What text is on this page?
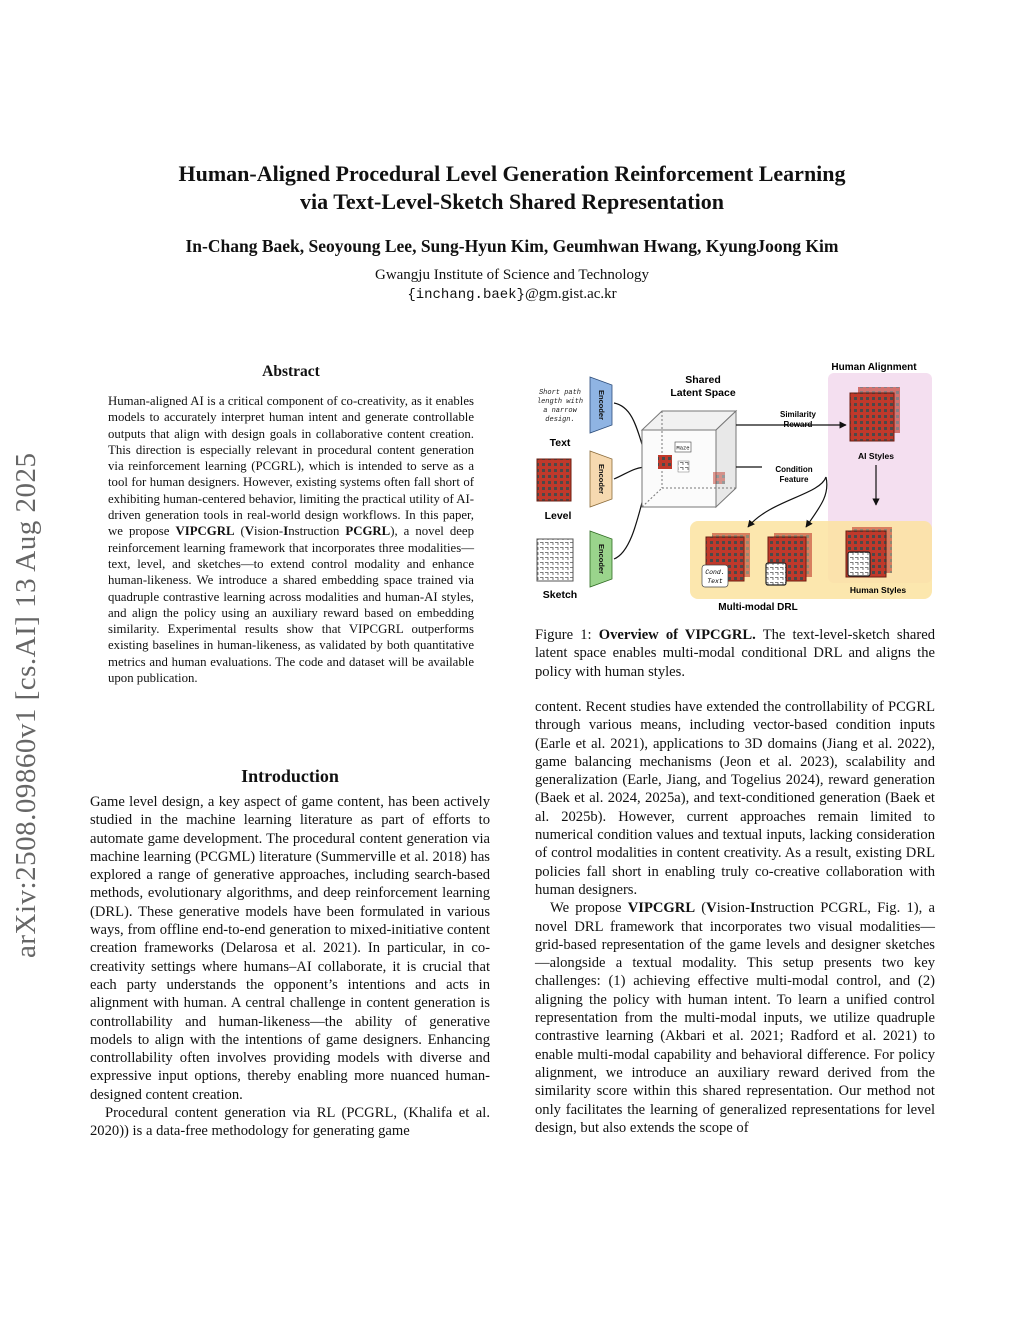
Human-Aligned Procedural Level Generation Reinforcement Learning
via Text-Level-Sketch Shared Representation
In-Chang Baek, Seoyoung Lee, Sung-Hyun Kim, Geumhwan Hwang, KyungJoong Kim
Gwangju Institute of Science and Technology
{inchang.baek}@gm.gist.ac.kr
arXiv:2508.09860v1 [cs.AI] 13 Aug 2025
Abstract
Human-aligned AI is a critical component of co-creativity, as it enables models to accurately interpret human intent and generate controllable outputs that align with design goals in collaborative content creation. This direction is especially relevant in procedural content generation via reinforcement learning (PCGRL), which is intended to serve as a tool for human designers. However, existing systems often fall short of exhibiting human-centered behavior, limiting the practical utility of AI-driven generation tools in real-world design workflows. In this paper, we propose VIPCGRL (Vision-Instruction PCGRL), a novel deep reinforcement learning framework that incorporates three modalities—text, level, and sketches—to extend control modality and enhance human-likeness. We introduce a shared embedding space trained via quadruple contrastive learning across modalities and human-AI styles, and align the policy using an auxiliary reward based on embedding similarity. Experimental results show that VIPCGRL outperforms existing baselines in human-likeness, as validated by both quantitative metrics and human evaluations. The code and dataset will be available upon publication.
Introduction

Game level design, a key aspect of game content, has been actively studied in the machine learning literature as part of efforts to automate game development. The procedural content generation via machine learning (PCGML) literature (Summerville et al. 2018) has explored a range of generative approaches, including search-based methods, evolutionary algorithms, and deep reinforcement learning (DRL). These generative models have been formulated in various ways, from offline end-to-end generation to mixed-initiative content creation frameworks (Delarosa et al. 2021). In particular, in co-creativity settings where humans–AI collaborate, it is crucial that each party understands the opponent’s intentions and acts in alignment with human. A central challenge in content generation is controllability and human-likeness—the ability of generative models to align with the intentions of game designers. Enhancing controllability often involves providing models with diverse and expressive input options, thereby enabling more nuanced human-designed content creation.

Procedural content generation via RL (PCGRL, (Khalifa et al. 2020)) is a data-free methodology for generating game

Short path
length with
a narrow
design.
Text
Level
Sketch
Encoder
Encoder
Encoder
Maze
Shared
Latent Space
Human Alignment
AI Styles
Similarity
Reward
Condition
Feature
Cond.
Text
Human Styles
Multi-modal DRL
Figure 1: Overview of VIPCGRL. The text-level-sketch shared latent space enables multi-modal conditional DRL and aligns the policy with human styles.

content. Recent studies have extended the controllability of PCGRL through various means, including vector-based condition inputs (Earle et al. 2021), applications to 3D domains (Jiang et al. 2022), game balancing mechanisms (Jeon et al. 2023), scalability and generalization (Earle, Jiang, and Togelius 2024), reward generation (Baek et al. 2024, 2025a), and text-conditioned generation (Baek et al. 2025b). However, current approaches remain limited to numerical condition values and textual inputs, lacking consideration of control modalities in content creativity. As a result, existing DRL policies fall short in enabling truly co-creative collaboration with human designers.

We propose VIPCGRL (Vision-Instruction PCGRL, Fig. 1), a novel DRL framework that incorporates two visual modalities—grid-based representation of the game levels and designer sketches—alongside a textual modality. This setup presents two key challenges: (1) achieving effective multi-modal control, and (2) aligning the policy with human intent. To learn a unified control representation from the multi-modal inputs, we utilize quadruple contrastive learning (Akbari et al. 2021; Radford et al. 2021) to enable multi-modal capability and behavioral difference. For policy alignment, we introduce an auxiliary reward derived from the similarity score within this shared representation. Our method not only facilitates the learning of generalized representations for level design, but also extends the scope of
